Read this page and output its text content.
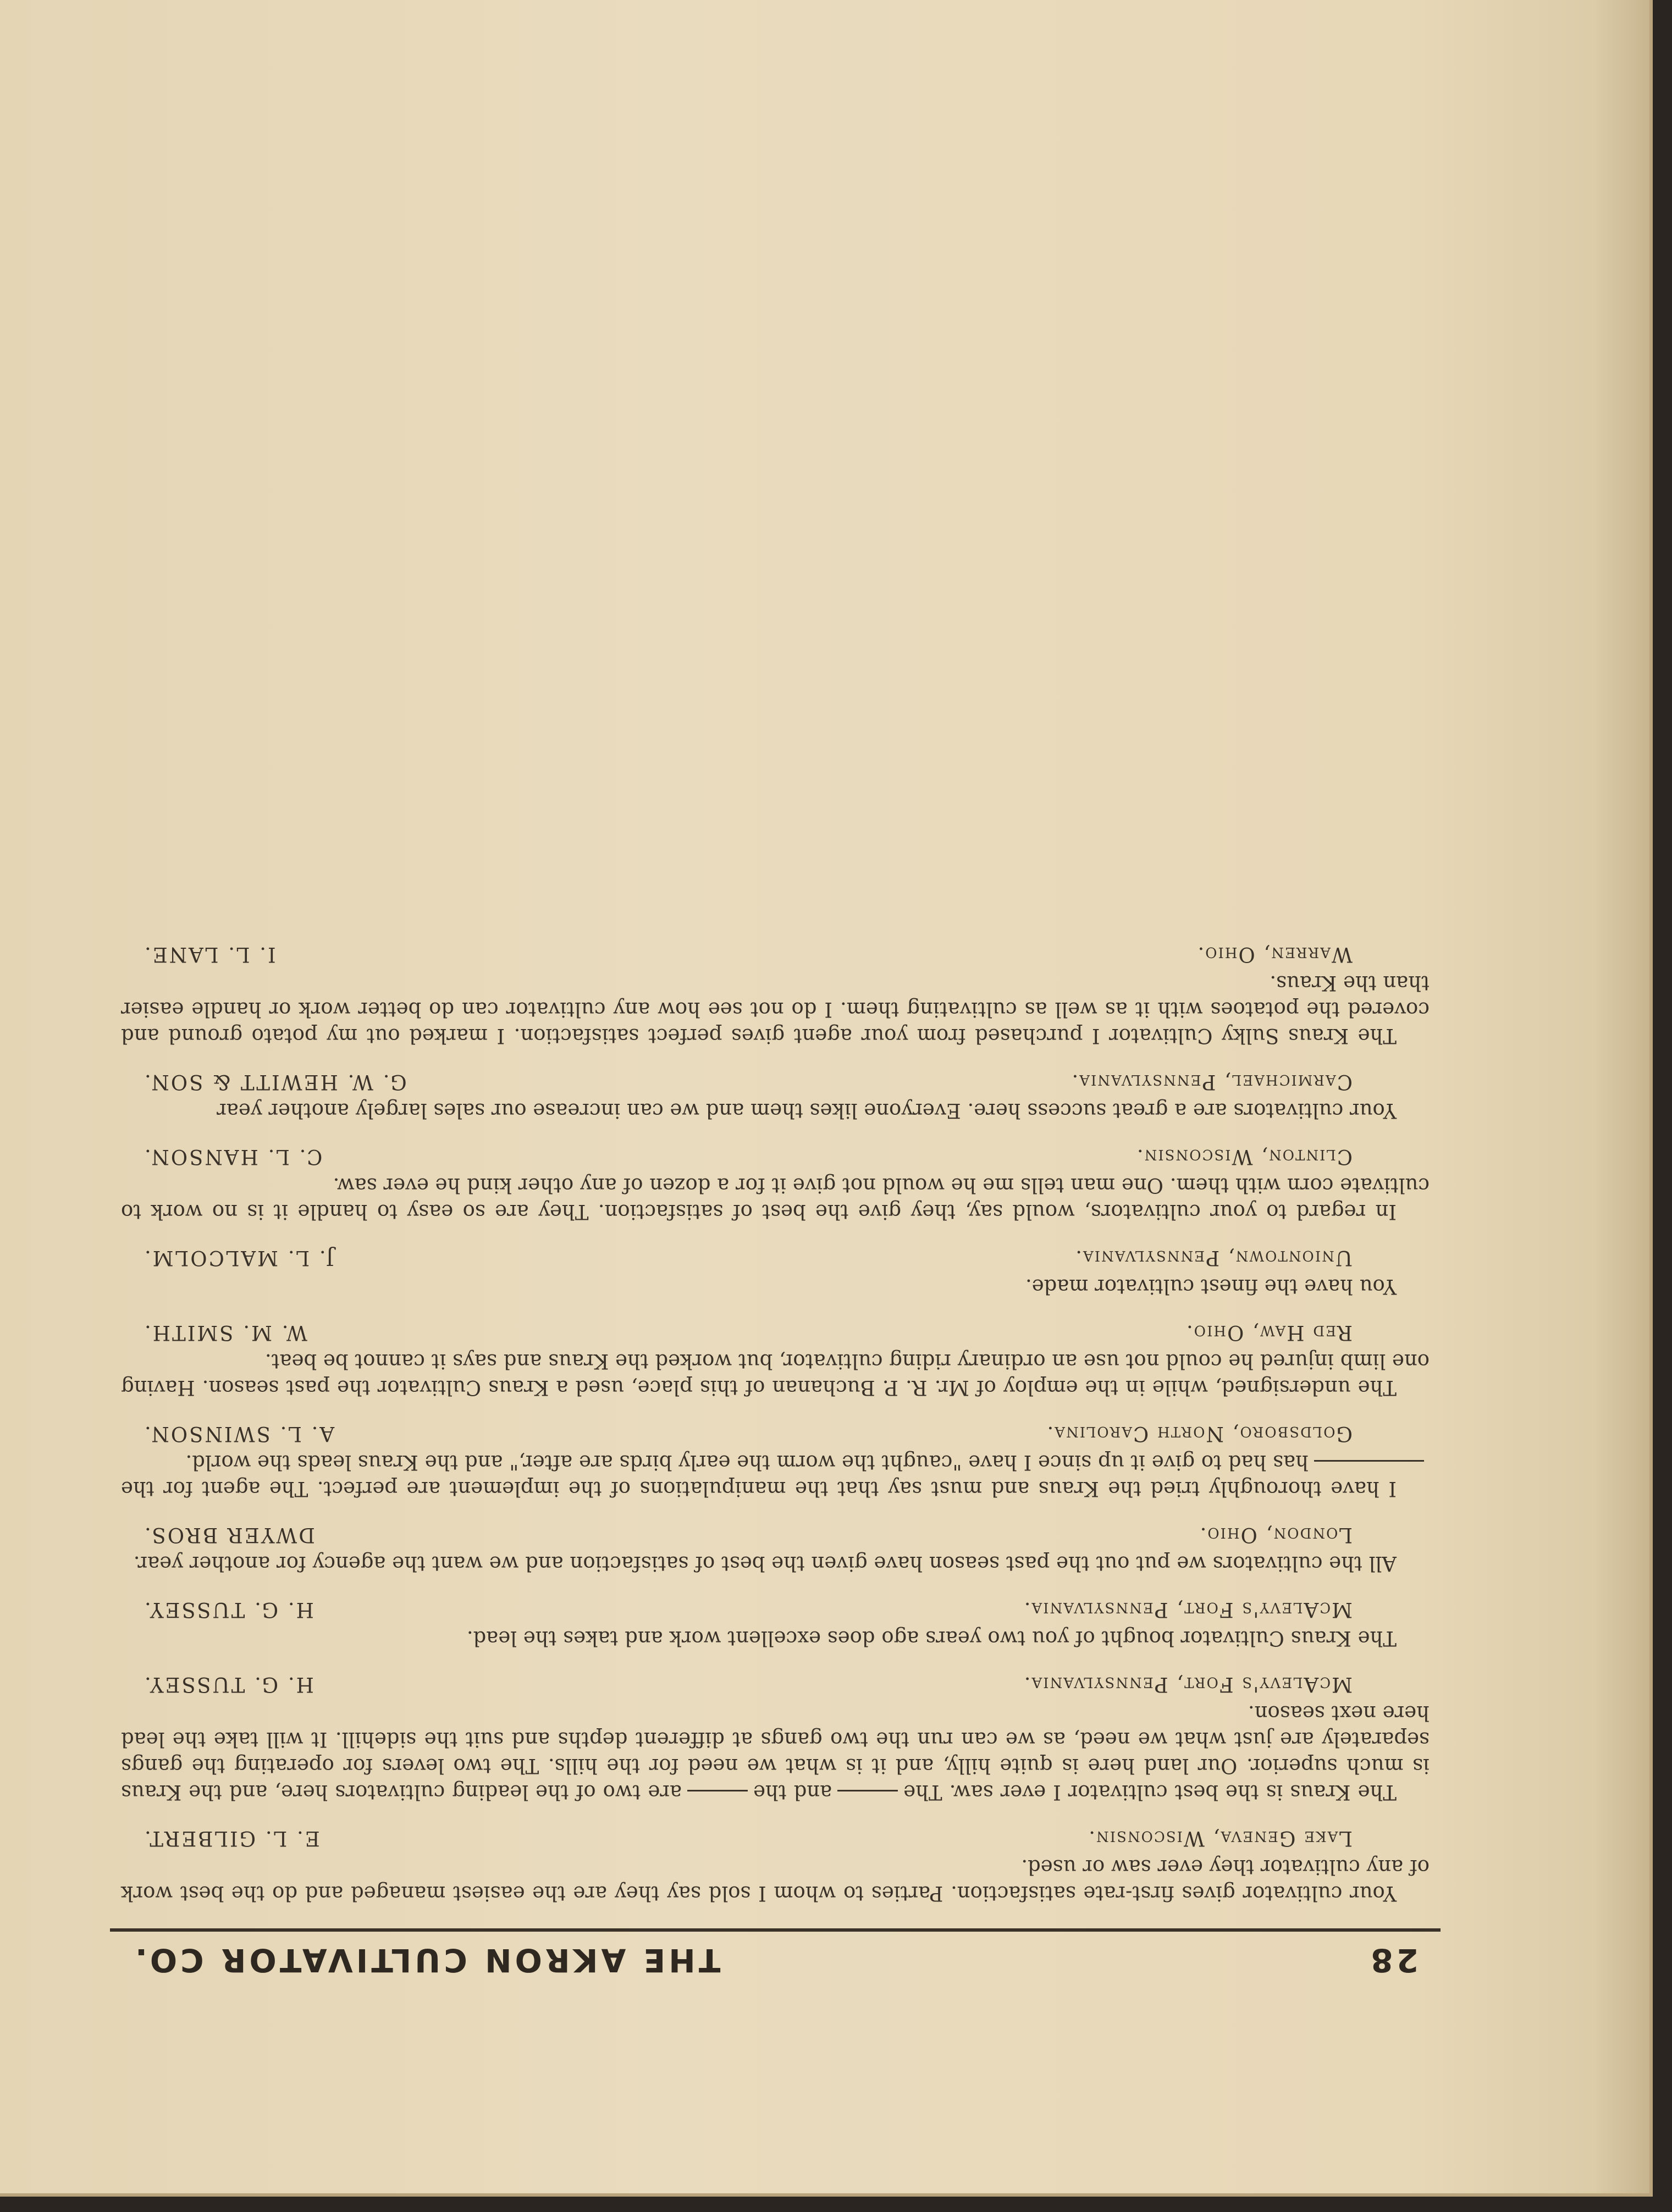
28
THE AKRON CULTIVATOR CO.

Your cultivator gives first-rate satisfaction. Parties to whom I sold say they are the easiest managed and do the best work of any cultivator they ever saw or used.

Lake Geneva, Wisconsin.
E. L. GILBERT.

The Kraus is the best cultivator I ever saw. Theand theare two of the leading cultivators here, and the Kraus is much superior. Our land here is quite hilly, and it is what we need for the hills. The two levers for operating the gangs separately are just what we need, as we can run the two gangs at different depths and suit the sidehill. It will take the lead here next season.

McAlevy's Fort, Pennsylvania.
H. G. TUSSEY.

The Kraus Cultivator bought of you two years ago does excellent work and takes the lead.

McAlevy's Fort, Pennsylvania.
H. G. TUSSEY.

All the cultivators we put out the past season have given the best of satisfaction and we want the agency for another year.

London, Ohio.
DWYER BROS.

I have thoroughly tried the Kraus and must say that the manipulations of the implement are perfect. The agent for thehas had to give it up since I have "caught the worm the early birds are after," and the Kraus leads the world.

Goldsboro, North Carolina.
A. L. SWINSON.

The undersigned, while in the employ of Mr. R. P. Buchanan of this place, used a Kraus Cultivator the past season. Having one limb injured he could not use an ordinary riding cultivator, but worked the Kraus and says it cannot be beat.

Red Haw, Ohio.
W. M. SMITH.

You have the finest cultivator made.

Uniontown, Pennsylvania.
J. L. MALCOLM.

In regard to your cultivators, would say, they give the best of satisfaction. They are so easy to handle it is no work to cultivate corn with them. One man tells me he would not give it for a dozen of any other kind he ever saw.

Clinton, Wisconsin.
C. L. HANSON.

Your cultivators are a great success here. Everyone likes them and we can increase our sales largely another year

Carmichael, Pennsylvania.
G. W. HEWITT & SON.

The Kraus Sulky Cultivator I purchased from your agent gives perfect satisfaction. I marked out my potato ground and covered the potatoes with it as well as cultivating them. I do not see how any cultivator can do better work or handle easier than the Kraus.

Warren, Ohio.
I. L. LANE.
